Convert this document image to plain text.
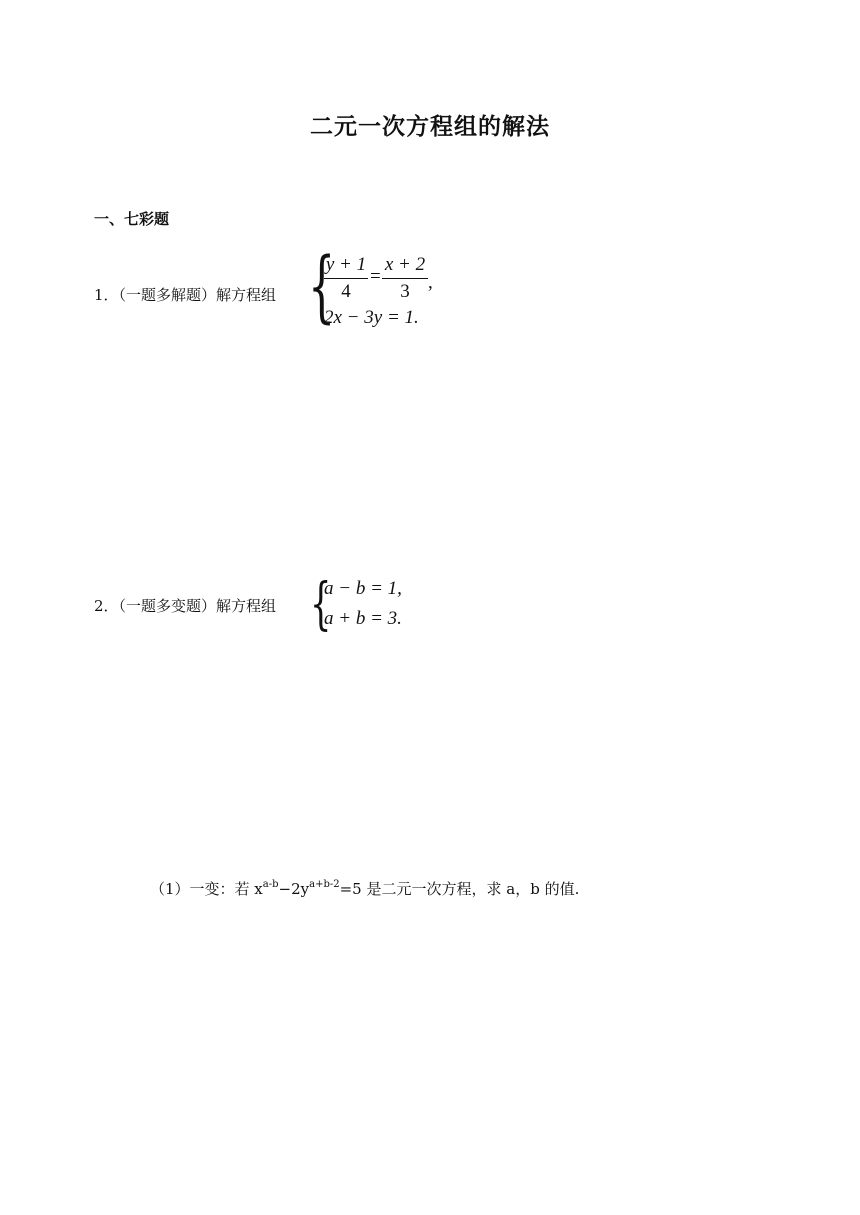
二元一次方程组的解法
一、七彩题
1．（一题多解题）解方程组 {
y + 1
4
=
x + 2
3 ,
2x − 3y = 1.
2．（一题多变题）解方程组 {
a − b = 1,
a + b = 3.
（1）一变：若 $x^{a-b}-2y^{a+b-2}=5$ 是二元一次方程，求 a，b 的值.
